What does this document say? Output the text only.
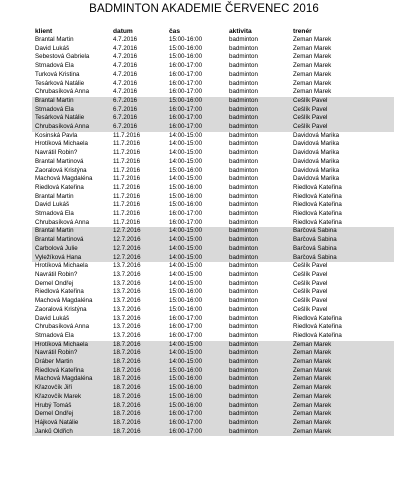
BADMINTON AKADEMIE ČERVENEC 2016
klient	datum	čas	aktivita	trenér
Brantal Martin	4.7.2016	15:00-16:00	badminton	Zeman Marek
David Lukáš	4.7.2016	15:00-16:00	badminton	Zeman Marek
Šebestová Gabriela	4.7.2016	15:00-16:00	badminton	Zeman Marek
Strnadová Ela	4.7.2016	16:00-17:00	badminton	Zeman Marek
Turková Kristina	4.7.2016	16:00-17:00	badminton	Zeman Marek
Tesárková Natálie	4.7.2016	16:00-17:00	badminton	Zeman Marek
Chrubasíková Anna	4.7.2016	16:00-17:00	badminton	Zeman Marek
Brantal Martin	6.7.2016	15:00-16:00	badminton	Češlík Pavel
Strnadová Ela	6.7.2016	16:00-17:00	badminton	Češlík Pavel
Tesárková Natálie	6.7.2016	16:00-17:00	badminton	Češlík Pavel
Chrubasíková Anna	6.7.2016	16:00-17:00	badminton	Češlík Pavel
Kosinská Pavla	11.7.2016	14:00-15:00	badminton	Davidová Marika
Hrotíková Michaela	11.7.2016	14:00-15:00	badminton	Davidová Marika
Navrátil Robin?	11.7.2016	14:00-15:00	badminton	Davidová Marika
Brantal Martinová	11.7.2016	14:00-15:00	badminton	Davidová Marika
Zaoralová Kristýna	11.7.2016	15:00-16:00	badminton	Davidová Marika
Machová Magdaléna	11.7.2016	14:00-15:00	badminton	Davidová Marika
Riedlová Kateřina	11.7.2016	15:00-16:00	badminton	Riedlová Kateřina
Brantal Martin	11.7.2016	15:00-16:00	badminton	Riedlová Kateřina
David Lukáš	11.7.2016	15:00-16:00	badminton	Riedlová Kateřina
Strnadová Ela	11.7.2016	16:00-17:00	badminton	Riedlová Kateřina
Chrubasíková Anna	11.7.2016	16:00-17:00	badminton	Riedlová Kateřina
Brantal Martin	12.7.2016	14:00-15:00	badminton	Barčová Sabina
Brantal Martinová	12.7.2016	14:00-15:00	badminton	Barčová Sabina
Carbolová Julie	12.7.2016	14:00-15:00	badminton	Barčová Sabina
Vyležíková Hana	12.7.2016	14:00-15:00	badminton	Barčová Sabina
Hrotíková Michaela	13.7.2016	14:00-15:00	badminton	Češlík Pavel
Navrátil Robin?	13.7.2016	14:00-15:00	badminton	Češlík Pavel
Demel Ondřej	13.7.2016	14:00-15:00	badminton	Češlík Pavel
Riedlová Kateřina	13.7.2016	15:00-16:00	badminton	Češlík Pavel
Machová Magdaléna	13.7.2016	15:00-16:00	badminton	Češlík Pavel
Zaoralová Kristýna	13.7.2016	15:00-16:00	badminton	Češlík Pavel
David Lukáš	13.7.2016	16:00-17:00	badminton	Riedlová Kateřina
Chrubasíková Anna	13.7.2016	16:00-17:00	badminton	Riedlová Kateřina
Strnadová Ela	13.7.2016	16:00-17:00	badminton	Riedlová Kateřina
Hrotíková Michaela	18.7.2016	14:00-15:00	badminton	Zeman Marek
Navrátil Robin?	18.7.2016	14:00-15:00	badminton	Zeman Marek
Dráber Martin	18.7.2016	14:00-15:00	badminton	Zeman Marek
Riedlová Kateřina	18.7.2016	15:00-16:00	badminton	Zeman Marek
Machová Magdaléna	18.7.2016	15:00-16:00	badminton	Zeman Marek
Křazovčík Jiří	18.7.2016	15:00-16:00	badminton	Zeman Marek
Křazovčík Marek	18.7.2016	15:00-16:00	badminton	Zeman Marek
Hrubý Tomáš	18.7.2016	15:00-16:00	badminton	Zeman Marek
Demel Ondřej	18.7.2016	16:00-17:00	badminton	Zeman Marek
Hájková Natálie	18.7.2016	16:00-17:00	badminton	Zeman Marek
Janků Oldřich	18.7.2016	16:00-17:00	badminton	Zeman Marek
